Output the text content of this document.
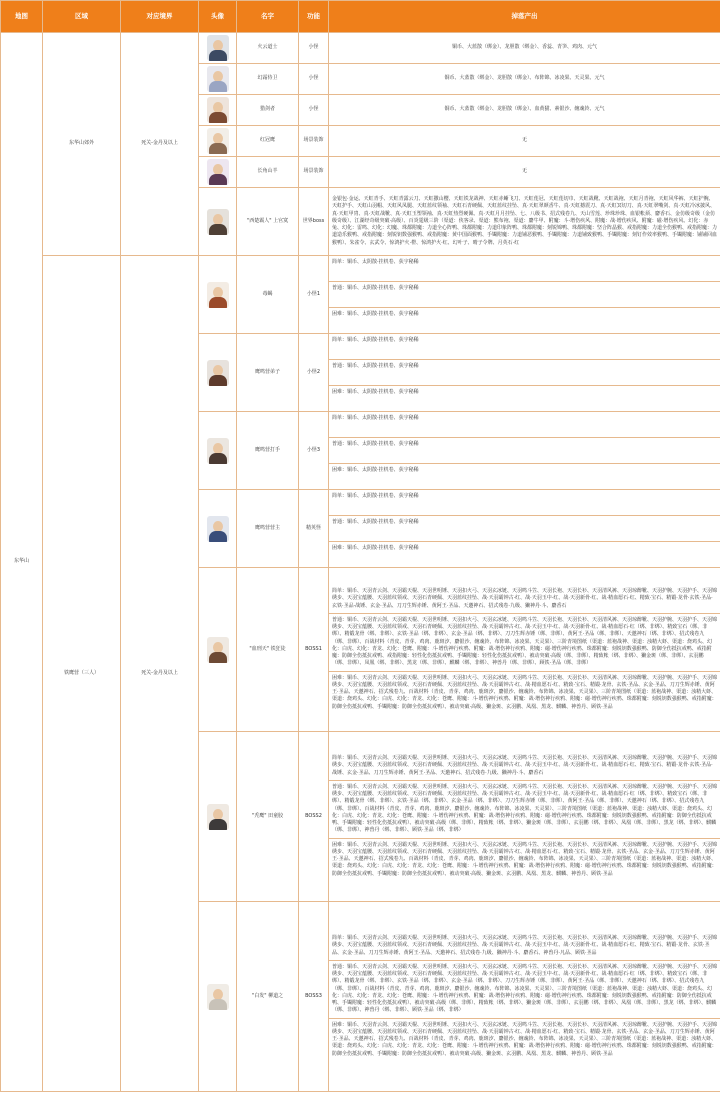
地图	区域	对应境界	头像	名字	功能	掉落产出
东华山	东华山郊外	死关-金丹及以上		火云道士	小怪	铜币、大蓝散（绑金）、龙胆散（绑金）、香蕊、青笋、鸡肉、元气

				幻霜侍卫	小怪	铜币、大蓝散（绑金）、龙胆散（绑金）、布阵锦、冰凌果、天灵果、元气

				猎剑者	小怪	铜币、大蓝散（绑金）、龙胆散（绑金）、血黄猫、素银沙、缠魂铃、元气

				红冠鹰	场景装饰	无

				长角山羊	场景装饰	无

				"西楚霸人" 上官寞	世界boss	金银包·金运、天虹青手、天虹青露云刀、天虹撒山樱、天虹铁龙战神、天虹赤蜥飞刀、天虹莲冠、天虹莲切巾、天虹战靴、天虹战袍、天虹月青袍、天虹风华裤、天虹护腕、天虹护手、天虹山羽帽、天虹风凤腿、天虹蓝纹领袖、天虹石青硬佩、天虹蓝纹挂坠、真·天虹翠颜香牛、真·天虹撼震刀、真·天虹冥切刀、真·天虹翠嘴剑、真·天虹冷冰披风、真·天虹甲胄、真·天虹战靴、真·天虹玉塑领袖、真·天虹热烈硬佩、真·天虹月月挂坠、七、八级书、招式残卷九、天山雪莲、珍珠珍珠、血银帐须、麝香石、金仿级奇级（金仿级奇级）、江湖经奇级突破·高级）、百炎霆级三阶（渠道：侠客录、渠道：熊布袍、渠道：麝牛甲、附魔：斗·增伤疾风、附魔：战·增伤疾风、附魔：磁·增伤疾风、幻化：赤兔、幻化：雷鸣、幻化：幻魔、珠都附魔：力道全心阵鸭、珠都附魔：力道印象阵鸭、珠都附魔：刻锐锦鸭、珠都附魔：坚合阵晶猴、戒指附魔：力道全伤猴鸭、戒指附魔：力道造乐猴鸭、戒指附魔：刻锐钥数强猴鸭、戒指附魔：黄中国面猴鸭、手镯附魔：力道铺恶猴鸭、手镯附魔：力道铺致猴鸭、手镯附魔：刻钉作效率猴鸭、手镯附魔：铺铺回血猴鸭）、朱雀令、玄武令、惊鸿护火·橙、惊鸿护火·红、幻叶子、晴子令牌、月英石·红
	铁鹰营（三人）	死关-金丹及以上		毒蝎	小怪1	简单：铜币、太阴散·挂机卷、获宇秘稀
普通：铜币、太阴散·挂机卷、获宇秘稀
困难：铜币、太阴散·挂机卷、获宇秘稀

				鹰鸣营弟子	小怪2	简单：铜币、太阴散·挂机卷、获宇秘稀
普通：铜币、太阴散·挂机卷、获宇秘稀
困难：铜币、太阴散·挂机卷、获宇秘稀

				鹰鸣营打手	小怪3	简单：铜币、太阴散·挂机卷、获宇秘稀
普通：铜币、太阴散·挂机卷、获宇秘稀
困难：铜币、太阴散·挂机卷、获宇秘稀

				鹰鸣营营主	精英怪	简单：铜币、太阴散·挂机卷、获宇秘稀
普通：铜币、太阴散·挂机卷、获宇秘稀
困难：铜币、太阴散·挂机卷、获宇秘稀

				"血刑天" 铁狂徒	BOSS1	简单：铜币、天羽青云剑、天羽霸天棍、天羽世明锤、天羽扣火弓、天羽玄冰链、天羽鸣斗笠、天羽长袍、天羽长衫、天羽清风裤、天羽琼醉靴、天羽护腕、天羽护手、天羽锦绣步、天羽宝蕴腰、天羽蓝纹领戒、天羽石青硬佩、天羽蓝纹挂坠、战·天羽霸钟古·红、战·天羽玉中·红、战·天羽新骨·红、战·精血愿石·红、精致·宝石、精锻·龙骨·玄铁·圣品·玄铁·圣品·战锤、玄金·圣品、刀刀生辉赤锤、黄阿王·圣品、天邀神石、招式残卷·九级、獭神丹·斗、麝香石
普通：铜币、天羽青云剑、天羽霸天棍、天羽世明锤、天羽扣火弓、天羽玄冰链、天羽鸣斗笠、天羽长袍、天羽长衫、天羽清风裤、天羽琼醉靴、天羽护腕、天羽护手、天羽锦绣步、天羽宝蕴腰、天羽蓝纹领戒、天羽石青硬佩、天羽蓝纹挂坠、战·天羽霸钟古·红、战·天羽玉中·红、战·天羽新骨·红、战·精血愿石·红（绑、非绑）、精致宝石（绑、非绑）、精锻龙骨（绑、非绑）、玄铁·圣品（绑、非绑）、玄金·圣品（绑、非绑）、刀刀生辉赤锤（绑、非绑）、黄阿王·圣品（绑、非绑）、天邀神石（绑、非绑）、招式残卷九（绑、非绑）、百战材料（青皮、青芽、鸡肉、鹿斑汐、麝银沙、缠魂铃、布阵锦、冰凌果、天灵果）、三阶青境图纸（渠道：蓝袍战神、渠道：浊精大虾、渠道：烧鸡头、幻化：白虎、幻化：青龙、幻化：苍鹰、附魔：斗·增伤神行疾鸦、附魔：战·增伤神行疾鸦、附魔：磁·增伤神行疾鸦、珠都附魔：刻锐钥数强猴鸭、防御全伤抵抗戒鸭、戒指附魔：防御全伤抵抗戒鸭、戒指附魔：轻性化伤抵抗戒鸭、手镯附魔：轻性化伤抵抗戒鸭）、被动突破·高级（绑、非绑）、精致帐（绑、非绑）、獭金斑（绑、非绑）、玄羽鹏（绑、非绑）、凤凰（绑、非绑）、黑龙（绑、非绑）、麒麟（绑、非绑）、神兽丹（绑、非绑）、顾铁·圣品（绑、非绑）
困难：铜币、天羽青云剑、天羽霸天棍、天羽世明锤、天羽扣火弓、天羽玄冰链、天羽鸣斗笠、天羽长袍、天羽长衫、天羽清风裤、天羽琼醉靴、天羽护腕、天羽护手、天羽锦绣步、天羽宝蕴腰、天羽蓝纹领戒、天羽石青硬佩、天羽蓝纹挂坠、战·天羽霸钟古·红、战·精血愿石·红、精致·宝石、精锻·龙骨、玄铁·圣品、玄金·圣品、刀刀生辉赤锤、黄阿王·圣品、天邀神石、招式残卷九、百战材料（青皮、青芽、鸡肉、鹿斑汐、麝银沙、缠魂铃、布阵锦、冰凌果、天灵果）、三阶青境图纸（渠道：蓝袍战神、渠道：浊精大虾、渠道：烧鸡头、幻化：白虎、幻化：青龙、幻化：苍鹰、附魔：斗·增伤神行疾鸦、附魔：战·增伤神行疾鸦、附魔：磁·增伤神行疾鸦、珠都附魔：刻锐钥数强猴鸭、戒指附魔：防御全伤抵抗戒鸭、手镯附魔：防御全伤抵抗戒鸭）、被动突破·高级、獭金斑、玄羽鹏、凤凰、黑龙、麒麟、神兽丹、顾铁·圣品

				"秃鹰" 田童胶	BOSS2	简单：铜币、天羽青云剑、天羽霸天棍、天羽世明锤、天羽扣火弓、天羽玄冰链、天羽鸣斗笠、天羽长袍、天羽长衫、天羽清风裤、天羽琼醉靴、天羽护腕、天羽护手、天羽锦绣步、天羽宝蕴腰、天羽蓝纹领戒、天羽石青硬佩、天羽蓝纹挂坠、战·天羽霸钟古·红、战·天羽玉中·红、战·天羽新骨·红、战·精血愿石·红、精致·宝石、精锻·龙骨·玄铁·圣品·战锤、玄金·圣品、刀刀生辉赤锤、黄阿王·圣品、天邀神石、招式残卷·九级、獭神丹·斗、麝香石
普通：铜币、天羽青云剑、天羽霸天棍、天羽世明锤、天羽扣火弓、天羽玄冰链、天羽鸣斗笠、天羽长袍、天羽长衫、天羽清风裤、天羽琼醉靴、天羽护腕、天羽护手、天羽锦绣步、天羽宝蕴腰、天羽蓝纹领戒、天羽石青硬佩、天羽蓝纹挂坠、战·天羽霸钟古·红、战·天羽玉中·红、战·天羽新骨·红、战·精血愿石·红（绑、非绑）、精致宝石（绑、非绑）、精锻龙骨（绑、非绑）、玄铁·圣品（绑、非绑）、玄金·圣品（绑、非绑）、刀刀生辉赤锤（绑、非绑）、黄阿王·圣品（绑、非绑）、天邀神石（绑、非绑）、招式残卷九（绑、非绑）、百战材料（青皮、青芽、鸡肉、鹿斑汐、麝银沙、缠魂铃、布阵锦、冰凌果、天灵果）、三阶青境图纸（渠道：蓝袍战神、渠道：浊精大虾、渠道：烧鸡头、幻化：白虎、幻化：青龙、幻化：苍鹰、附魔：斗·增伤神行疾鸦、附魔：战·增伤神行疾鸦、附魔：磁·增伤神行疾鸦、珠都附魔：刻锐钥数强猴鸭、戒指附魔：防御全伤抵抗戒鸭、手镯附魔：轻性化伤抵抗戒鸭）、被动突破·高级（绑、非绑）、精致帐（绑、非绑）、獭金斑（绑、非绑）、玄羽鹏（绑、非绑）、凤凰（绑、非绑）、黑龙（绑、非绑）、麒麟（绑、非绑）、神兽丹（绑、非绑）、顾铁·圣品（绑、非绑）
困难：铜币、天羽青云剑、天羽霸天棍、天羽世明锤、天羽扣火弓、天羽玄冰链、天羽鸣斗笠、天羽长袍、天羽长衫、天羽清风裤、天羽琼醉靴、天羽护腕、天羽护手、天羽锦绣步、天羽宝蕴腰、天羽蓝纹领戒、天羽石青硬佩、天羽蓝纹挂坠、战·天羽霸钟古·红、战·精血愿石·红、精致·宝石、精锻·龙骨、玄铁·圣品、玄金·圣品、刀刀生辉赤锤、黄阿王·圣品、天邀神石、招式残卷九、百战材料（青皮、青芽、鸡肉、鹿斑汐、麝银沙、缠魂铃、布阵锦、冰凌果、天灵果）、三阶青境图纸（渠道：蓝袍战神、渠道：浊精大虾、渠道：烧鸡头、幻化：白虎、幻化：青龙、幻化：苍鹰、附魔：斗·增伤神行疾鸦、附魔：战·增伤神行疾鸦、附魔：磁·增伤神行疾鸦、珠都附魔：刻锐钥数强猴鸭、戒指附魔：防御全伤抵抗戒鸭、手镯附魔：防御全伤抵抗戒鸭）、被动突破·高级、獭金斑、玄羽鹏、凤凰、黑龙、麒麟、神兽丹、顾铁·圣品

				"白发" 柳道之	BOSS3	简单：铜币、天羽青云剑、天羽霸天棍、天羽世明锤、天羽扣火弓、天羽玄冰链、天羽鸣斗笠、天羽长袍、天羽长衫、天羽清风裤、天羽琼醉靴、天羽护腕、天羽护手、天羽锦绣步、天羽宝蕴腰、天羽蓝纹领戒、天羽石青硬佩、天羽蓝纹挂坠、战·天羽霸钟古·红、战·天羽玉中·红、战·天羽新骨·红、战·精血愿石·红、精致·宝石、精锻·龙骨、玄铁·圣品、玄金·圣品、刀刀生辉赤锤、黄阿王·圣品、天邀神石、招式残卷·九级、獭神丹·斗、麝香石、神兽丹·凡品、顾铁·圣品
普通：铜币、天羽青云剑、天羽霸天棍、天羽世明锤、天羽扣火弓、天羽玄冰链、天羽鸣斗笠、天羽长袍、天羽长衫、天羽清风裤、天羽琼醉靴、天羽护腕、天羽护手、天羽锦绣步、天羽宝蕴腰、天羽蓝纹领戒、天羽石青硬佩、天羽蓝纹挂坠、战·天羽霸钟古·红、战·天羽玉中·红、战·天羽新骨·红、战·精血愿石·红（绑、非绑）、精致宝石（绑、非绑）、精锻龙骨（绑、非绑）、玄铁·圣品（绑、非绑）、玄金·圣品（绑、非绑）、刀刀生辉赤锤（绑、非绑）、黄阿王·圣品（绑、非绑）、天邀神石（绑、非绑）、招式残卷九（绑、非绑）、百战材料（青皮、青芽、鸡肉、鹿斑汐、麝银沙、缠魂铃、布阵锦、冰凌果、天灵果）、三阶青境图纸（渠道：蓝袍战神、渠道：浊精大虾、渠道：烧鸡头、幻化：白虎、幻化：青龙、幻化：苍鹰、附魔：斗·增伤神行疾鸦、附魔：战·增伤神行疾鸦、附魔：磁·增伤神行疾鸦、珠都附魔：刻锐钥数强猴鸭、戒指附魔：防御全伤抵抗戒鸭、手镯附魔：轻性化伤抵抗戒鸭）、被动突破·高级（绑、非绑）、精致帐（绑、非绑）、獭金斑（绑、非绑）、玄羽鹏（绑、非绑）、凤凰（绑、非绑）、黑龙（绑、非绑）、麒麟（绑、非绑）、神兽丹（绑、非绑）、顾铁·圣品（绑、非绑）
困难：铜币、天羽青云剑、天羽霸天棍、天羽世明锤、天羽扣火弓、天羽玄冰链、天羽鸣斗笠、天羽长袍、天羽长衫、天羽清风裤、天羽琼醉靴、天羽护腕、天羽护手、天羽锦绣步、天羽宝蕴腰、天羽蓝纹领戒、天羽石青硬佩、天羽蓝纹挂坠、战·天羽霸钟古·红、战·精血愿石·红、精致·宝石、精锻·龙骨、玄铁·圣品、玄金·圣品、刀刀生辉赤锤、黄阿王·圣品、天邀神石、招式残卷九、百战材料（青皮、青芽、鸡肉、鹿斑汐、麝银沙、缠魂铃、布阵锦、冰凌果、天灵果）、三阶青境图纸（渠道：蓝袍战神、渠道：浊精大虾、渠道：烧鸡头、幻化：白虎、幻化：青龙、幻化：苍鹰、附魔：斗·增伤神行疾鸦、附魔：战·增伤神行疾鸦、附魔：磁·增伤神行疾鸦、珠都附魔：刻锐钥数强猴鸭、戒指附魔：防御全伤抵抗戒鸭、手镯附魔：防御全伤抵抗戒鸭）、被动突破·高级、獭金斑、玄羽鹏、凤凰、黑龙、麒麟、神兽丹、顾铁·圣品
